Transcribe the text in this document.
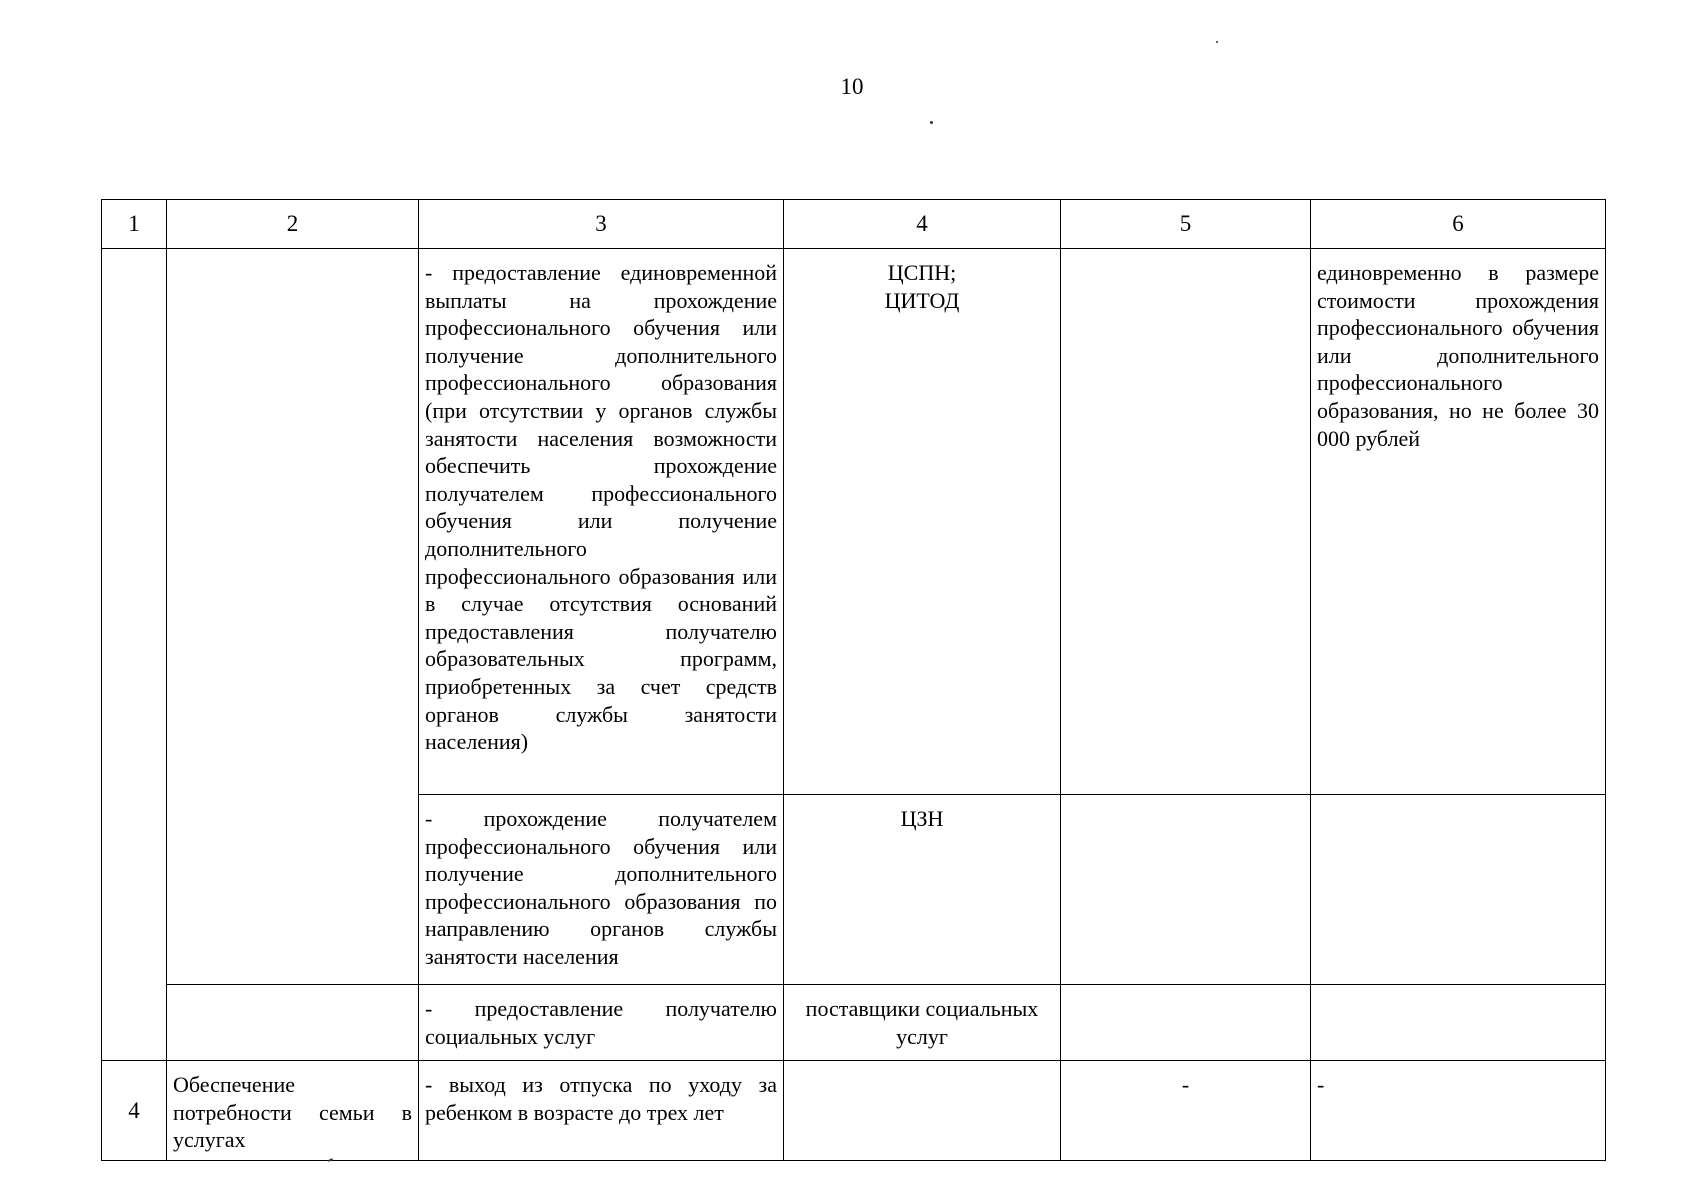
10
1	2	3	4	5	6

		- предоставление единовременной выплаты на прохождение профессионального обучения или получение дополнительного профессионального образования (при отсутствии у органов службы занятости населения возможности обеспечить прохождение получателем профессионального обучения или получение дополнительного профессионального образования или в случае отсутствия оснований предоставления получателю образовательных программ, приобретенных за счет средств органов службы занятости населения)	ЦСПН;
ЦИТОД		единовременно в размере стоимости прохождения профессионального обучения или дополнительного профессионального образования, но не более 30 000 рублей

		- прохождение получателем профессионального обучения или получение дополнительного профессионального образования по направлению органов службы занятости населения	ЦЗН		

		- предоставление получателю социальных услуг	поставщики социальных услуг		

4	Обеспечение потребности семьи в услугах	- выход из отпуска по уходу за ребенком в возрасте до трех лет		-	-
